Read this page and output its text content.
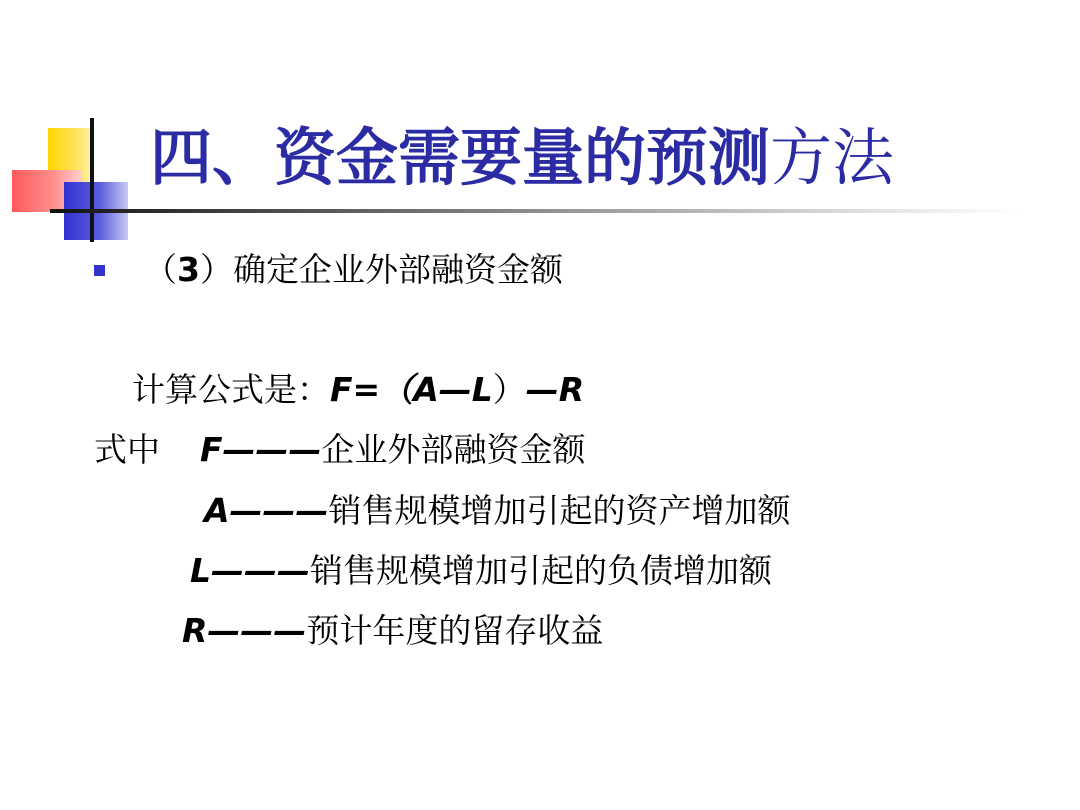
四、资金需要量的预测方法
（3）确定企业外部融资金额
计算公式是：F=（A—L）—R
式中 F———企业外部融资金额
A———销售规模增加引起的资产增加额
L———销售规模增加引起的负债增加额
R———预计年度的留存收益
